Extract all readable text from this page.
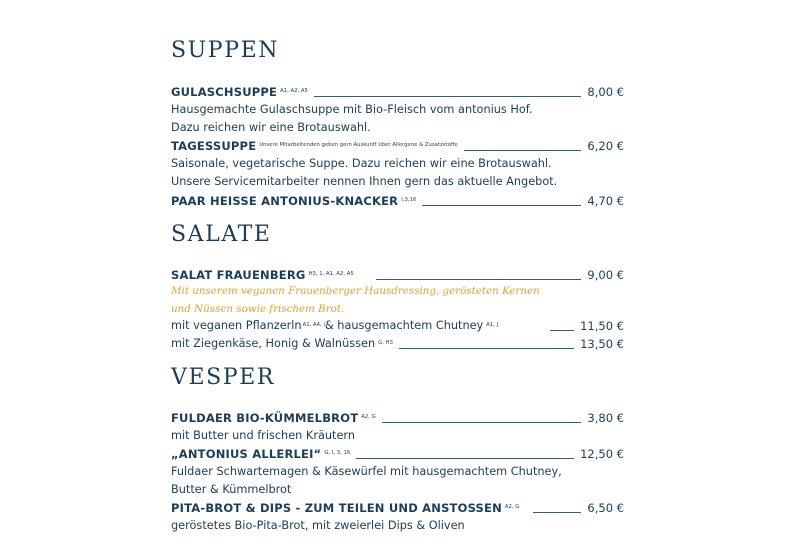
SUPPEN
GULASCHSUPPE A1, A2, A5	8,00 €
Hausgemachte Gulaschsuppe mit Bio-Fleisch vom antonius Hof.
Dazu reichen wir eine Brotauswahl.
TAGESSUPPE Unsere Mitarbeitenden geben gern Auskunft über Allergene & Zusatzstoffe	6,20 €
Saisonale, vegetarische Suppe. Dazu reichen wir eine Brotauswahl.
Unsere Servicemitarbeiter nennen Ihnen gern das aktuelle Angebot.
PAAR HEISSE ANTONIUS-KNACKER I,3,16	4,70 €
SALATE
SALAT FRAUENBERG H3, 1, A1, A2, A5	9,00 €
Mit unserem veganen Frauenberger Hausdressing, gerösteten Kernen
und Nüssen sowie frischem Brot.
mit veganen Pflanzerln A1, A4, I & hausgemachtem Chutney A1, J	11,50 €
mit Ziegenkäse, Honig & Walnüssen G, H3	13,50 €
VESPER
FULDAER BIO-KÜMMELBROT A2, G	3,80 €
mit Butter und frischen Kräutern
„ANTONIUS ALLERLEI“ G, I, 3, 16	12,50 €
Fuldaer Schwartemagen & Käsewürfel mit hausgemachtem Chutney,
Butter & Kümmelbrot
PITA-BROT & DIPS - ZUM TEILEN UND ANSTOSSEN A2, G	6,50 €
geröstetes Bio-Pita-Brot, mit zweierlei Dips & Oliven
